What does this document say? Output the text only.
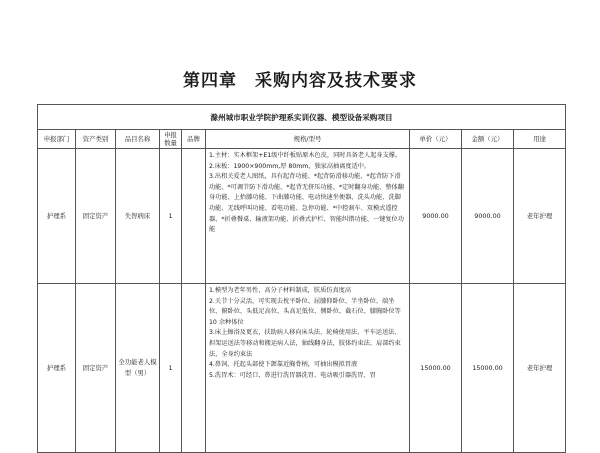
第四章　采购内容及技术要求
滁州城市职业学院护理系实训仪器、模型设备采购项目								
申报部门	资产类别	品目名称	申报数量	品牌	规格/型号	单价（元）	金额（元）	用途
护理系	固定资产	失智病床	1		1.主材：实木框架+E1级中纤板贴原木色皮，同时具备老人起身支撑。2.床板：1900×900mm,厚 80mm，独家高抽离度适中。
3.出租关爱老人图纸，具有起背功能、*起背防滑移功能、*起背防下滑功能、*可调节防下滑功能、*起背无挤压功能、*定时翻身功能、整体翻身功能、上抬膝功能、下曲膝功能、电动快速坐便器、洗头功能、洗脚功能、无线呼叫功能、看电功能、急停功能、*中控刹车、双模式遥控器、*折叠餐桌、输液架功能、折叠式护栏、智能纠错功能、一键复位功能	9000.00	9000.00	老年护理
护理系	固定资产	全功能老人模型（男）	1		1.模型为老年男性，高分子材料制成，肤质仿真度高
2.关节十分灵活，可实现去枕平卧位、屈膝仰卧位、半坐卧位、端坐位、俯卧位、头低足高位、头高足低位、侧卧位、截石位、膝胸卧位等 10 余种体位
3.床上擦浴及更衣，扶助病人移向床头法、轮椅使用法、平车运送法、担架运送法等移动和搬运病人法，轴线翻身法，肢体约束法、肩部约束法、全身约束法
4.鼻饲，托起头部使下颌靠近胸骨柄，可抽出模拟胃液
5.洗胃术：可经口、鼻进行洗胃器洗胃、电动吸引器洗胃、胃	15000.00	15000.00	老年护理
